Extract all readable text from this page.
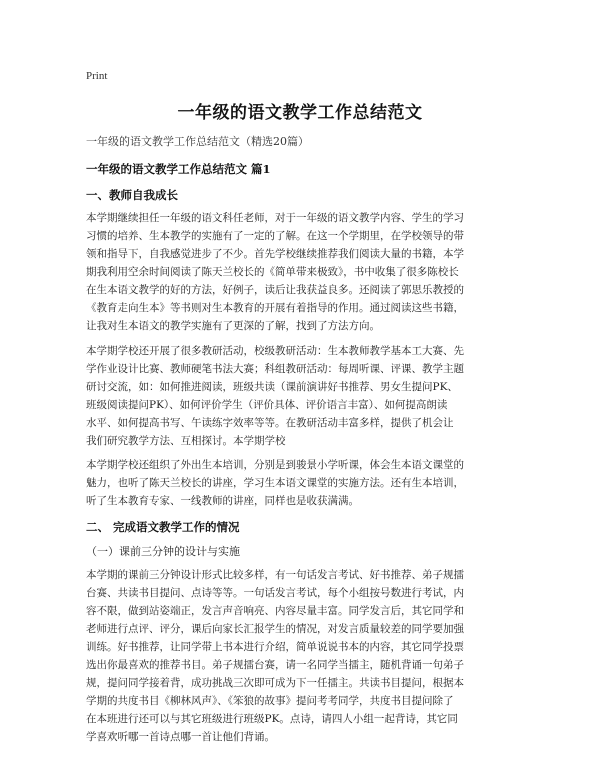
Print
一年级的语文教学工作总结范文
一年级的语文教学工作总结范文（精选20篇）
一年级的语文教学工作总结范文 篇1
一、教师自我成长
本学期继续担任一年级的语文科任老师，对于一年级的语文教学内容、学生的学习
习惯的培养、生本教学的实施有了一定的了解。在这一个学期里，在学校领导的带
领和指导下，自我感觉进步了不少。首先学校继续推荐我们阅读大量的书籍，本学
期我利用空余时间阅读了陈天兰校长的《简单带来极致》，书中收集了很多陈校长
在生本语文教学的好的方法，好例子，读后让我获益良多。还阅读了郭思乐教授的
《教育走向生本》等书则对生本教育的开展有着指导的作用。通过阅读这些书籍，
让我对生本语文的教学实施有了更深的了解，找到了方法方向。
本学期学校还开展了很多教研活动，校级教研活动：生本教师教学基本工大赛、先
学作业设计比赛、教师硬笔书法大赛；科组教研活动：每周听课、评课、教学主题
研讨交流，如：如何推进阅读，班级共读（课前演讲好书推荐、男女生提问PK、
班级阅读提问PK）、如何评价学生（评价具体、评价语言丰富）、如何提高朗读
水平、如何提高书写、午读练字效率等等。在教研活动丰富多样，提供了机会让
我们研究教学方法、互相探讨。本学期学校
本学期学校还组织了外出生本培训，分别是到骏景小学听课，体会生本语文课堂的
魅力，也听了陈天兰校长的讲座，学习生本语文课堂的实施方法。还有生本培训，
听了生本教育专家、一线教师的讲座，同样也是收获满满。
二、 完成语文教学工作的情况
（一）课前三分钟的设计与实施
本学期的课前三分钟设计形式比较多样，有一句话发言考试、好书推荐、弟子规擂
台赛、共读书目提问、点诗等等。一句话发言考试，每个小组按号数进行考试，内
容不限，做到站姿端正，发言声音响亮、内容尽量丰富。同学发言后，其它同学和
老师进行点评、评分，课后向家长汇报学生的情况，对发言质量较差的同学要加强
训练。好书推荐，让同学带上书本进行介绍，简单说说书本的内容，其它同学投票
选出你最喜欢的推荐书目。弟子规擂台赛，请一名同学当擂主，随机背诵一句弟子
规，提问同学接着背，成功挑战三次即可成为下一任擂主。共读书目提问，根据本
学期的共度书目《柳林风声》、《笨狼的故事》提问考考同学，共度书目提问除了
在本班进行还可以与其它班级进行班级PK。点诗，请四人小组一起背诗，其它同
学喜欢听哪一首诗点哪一首让他们背诵。
